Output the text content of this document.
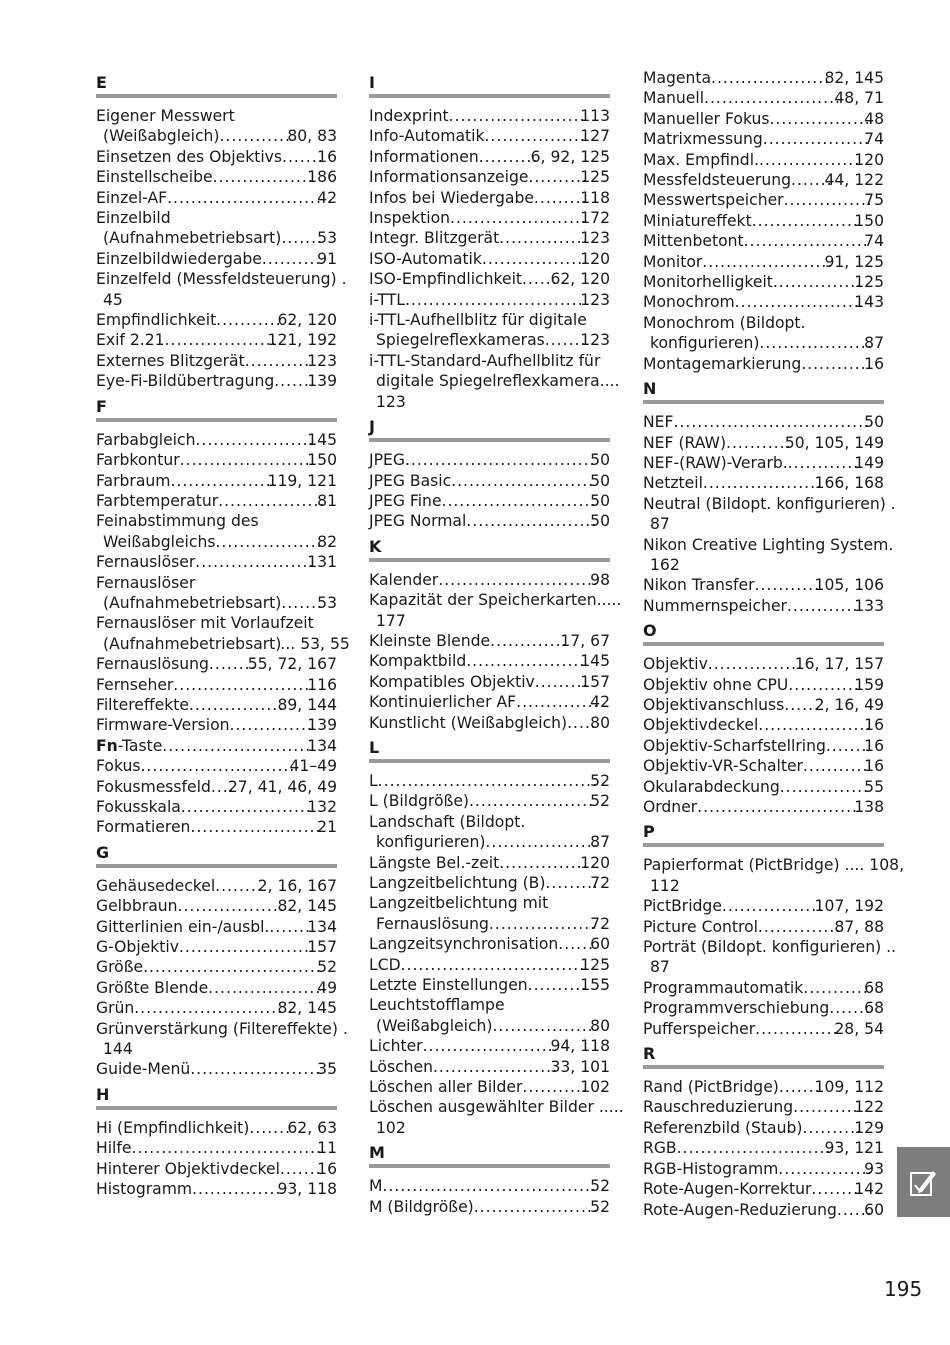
E
Eigener Messwert
(Weißabgleich) .....	80, 83
Einsetzen des Objektivs ..... 16
Einstellscheibe .....	186
Einzel-AF .....	42
Einzelbild
(Aufnahmebetriebsart) ..... 53
Einzelbildwiedergabe .....	91
Einzelfeld (Messfeldsteuerung) .
45
Empfindlichkeit .....	62, 120
Exif 2.21 .....	121, 192
Externes Blitzgerät .....	123
Eye-Fi-Bildübertragung ..... 139
F
Farbabgleich .....	145
Farbkontur .....	150
Farbraum .....	119, 121
Farbtemperatur .....	81
Feinabstimmung des
Weißabgleichs .....	82
Fernauslöser .....	131
Fernauslöser
(Aufnahmebetriebsart) ..... 53
Fernauslöser mit Vorlaufzeit
(Aufnahmebetriebsart) ... 53, 55
Fernauslösung ..... 55, 72, 167
Fernseher .....	116
Filtereffekte .....	89, 144
Firmware-Version .....	139
Fn-Taste .....	134
Fokus .....	41–49
Fokusmessfeld ..... 27, 41, 46, 49
Fokusskala .....	132
Formatieren .....	21
G
Gehäusedeckel .....	2, 16, 167
Gelbbraun .....	82, 145
Gitterlinien ein-/ausbl. ..... 134
G-Objektiv .....	157
Größe .....	52
Größte Blende .....	49
Grün .....	82, 145
Grünverstärkung (Filtereffekte) .
144
Guide-Menü .....	35
H
Hi (Empfindlichkeit) ..... 62, 63
Hilfe .....	11
Hinterer Objektivdeckel ..... 16
Histogramm .....	93, 118
I
Indexprint .....	113
Info-Automatik .....	127
Informationen .....	6, 92, 125
Informationsanzeige .....	125
Infos bei Wiedergabe .....	118
Inspektion .....	172
Integr. Blitzgerät .....	123
ISO-Automatik .....	120
ISO-Empfindlichkeit ..... 62, 120
i-TTL .....	123
i-TTL-Aufhellblitz für digitale
Spiegelreflexkameras ..... 123
i-TTL-Standard-Aufhellblitz für
digitale Spiegelreflexkamera....
123
J
JPEG .....	50
JPEG Basic .....	50
JPEG Fine .....	50
JPEG Normal .....	50
K
Kalender .....	98
Kapazität der Speicherkarten.....
177
Kleinste Blende .....	17, 67
Kompaktbild .....	145
Kompatibles Objektiv .....	157
Kontinuierlicher AF .....	42
Kunstlicht (Weißabgleich) ..... 80
L
L .....	52
L (Bildgröße) .....	52
Landschaft (Bildopt.
konfigurieren) .....	87
Längste Bel.-zeit .....	120
Langzeitbelichtung (B) .....	72
Langzeitbelichtung mit
Fernauslösung .....	72
Langzeitsynchronisation ..... 60
LCD .....	125
Letzte Einstellungen .....	155
Leuchtstofflampe
(Weißabgleich) .....	80
Lichter .....	94, 118
Löschen .....	33, 101
Löschen aller Bilder .....	102
Löschen ausgewählter Bilder .....
102
M
M .....	52
M (Bildgröße) .....	52
Magenta .....	82, 145
Manuell .....	48, 71
Manueller Fokus .....	48
Matrixmessung .....	74
Max. Empfindl. .....	120
Messfeldsteuerung ..... 44, 122
Messwertspeicher .....	75
Miniatureffekt .....	150
Mittenbetont .....	74
Monitor .....	91, 125
Monitorhelligkeit .....	125
Monochrom .....	143
Monochrom (Bildopt.
konfigurieren) .....	87
Montagemarkierung .....	16
N
NEF .....	50
NEF (RAW) .....	50, 105, 149
NEF-(RAW)-Verarb. .....	149
Netzteil .....	166, 168
Neutral (Bildopt. konfigurieren) .
87
Nikon Creative Lighting System.
162
Nikon Transfer .....	105, 106
Nummernspeicher .....	133
O
Objektiv .....	16, 17, 157
Objektiv ohne CPU .....	159
Objektivanschluss ..... 2, 16, 49
Objektivdeckel .....	16
Objektiv-Scharfstellring ..... 16
Objektiv-VR-Schalter .....	16
Okularabdeckung .....	55
Ordner .....	138
P
Papierformat (PictBridge) .... 108,
112
PictBridge .....	107, 192
Picture Control .....	87, 88
Porträt (Bildopt. konfigurieren) ..
87
Programmautomatik .....	68
Programmverschiebung ..... 68
Pufferspeicher .....	28, 54
R
Rand (PictBridge) ..... 109, 112
Rauschreduzierung .....	122
Referenzbild (Staub) .....	129
RGB .....	93, 121
RGB-Histogramm .....	93
Rote-Augen-Korrektur .....	142
Rote-Augen-Reduzierung ..... 60
195
